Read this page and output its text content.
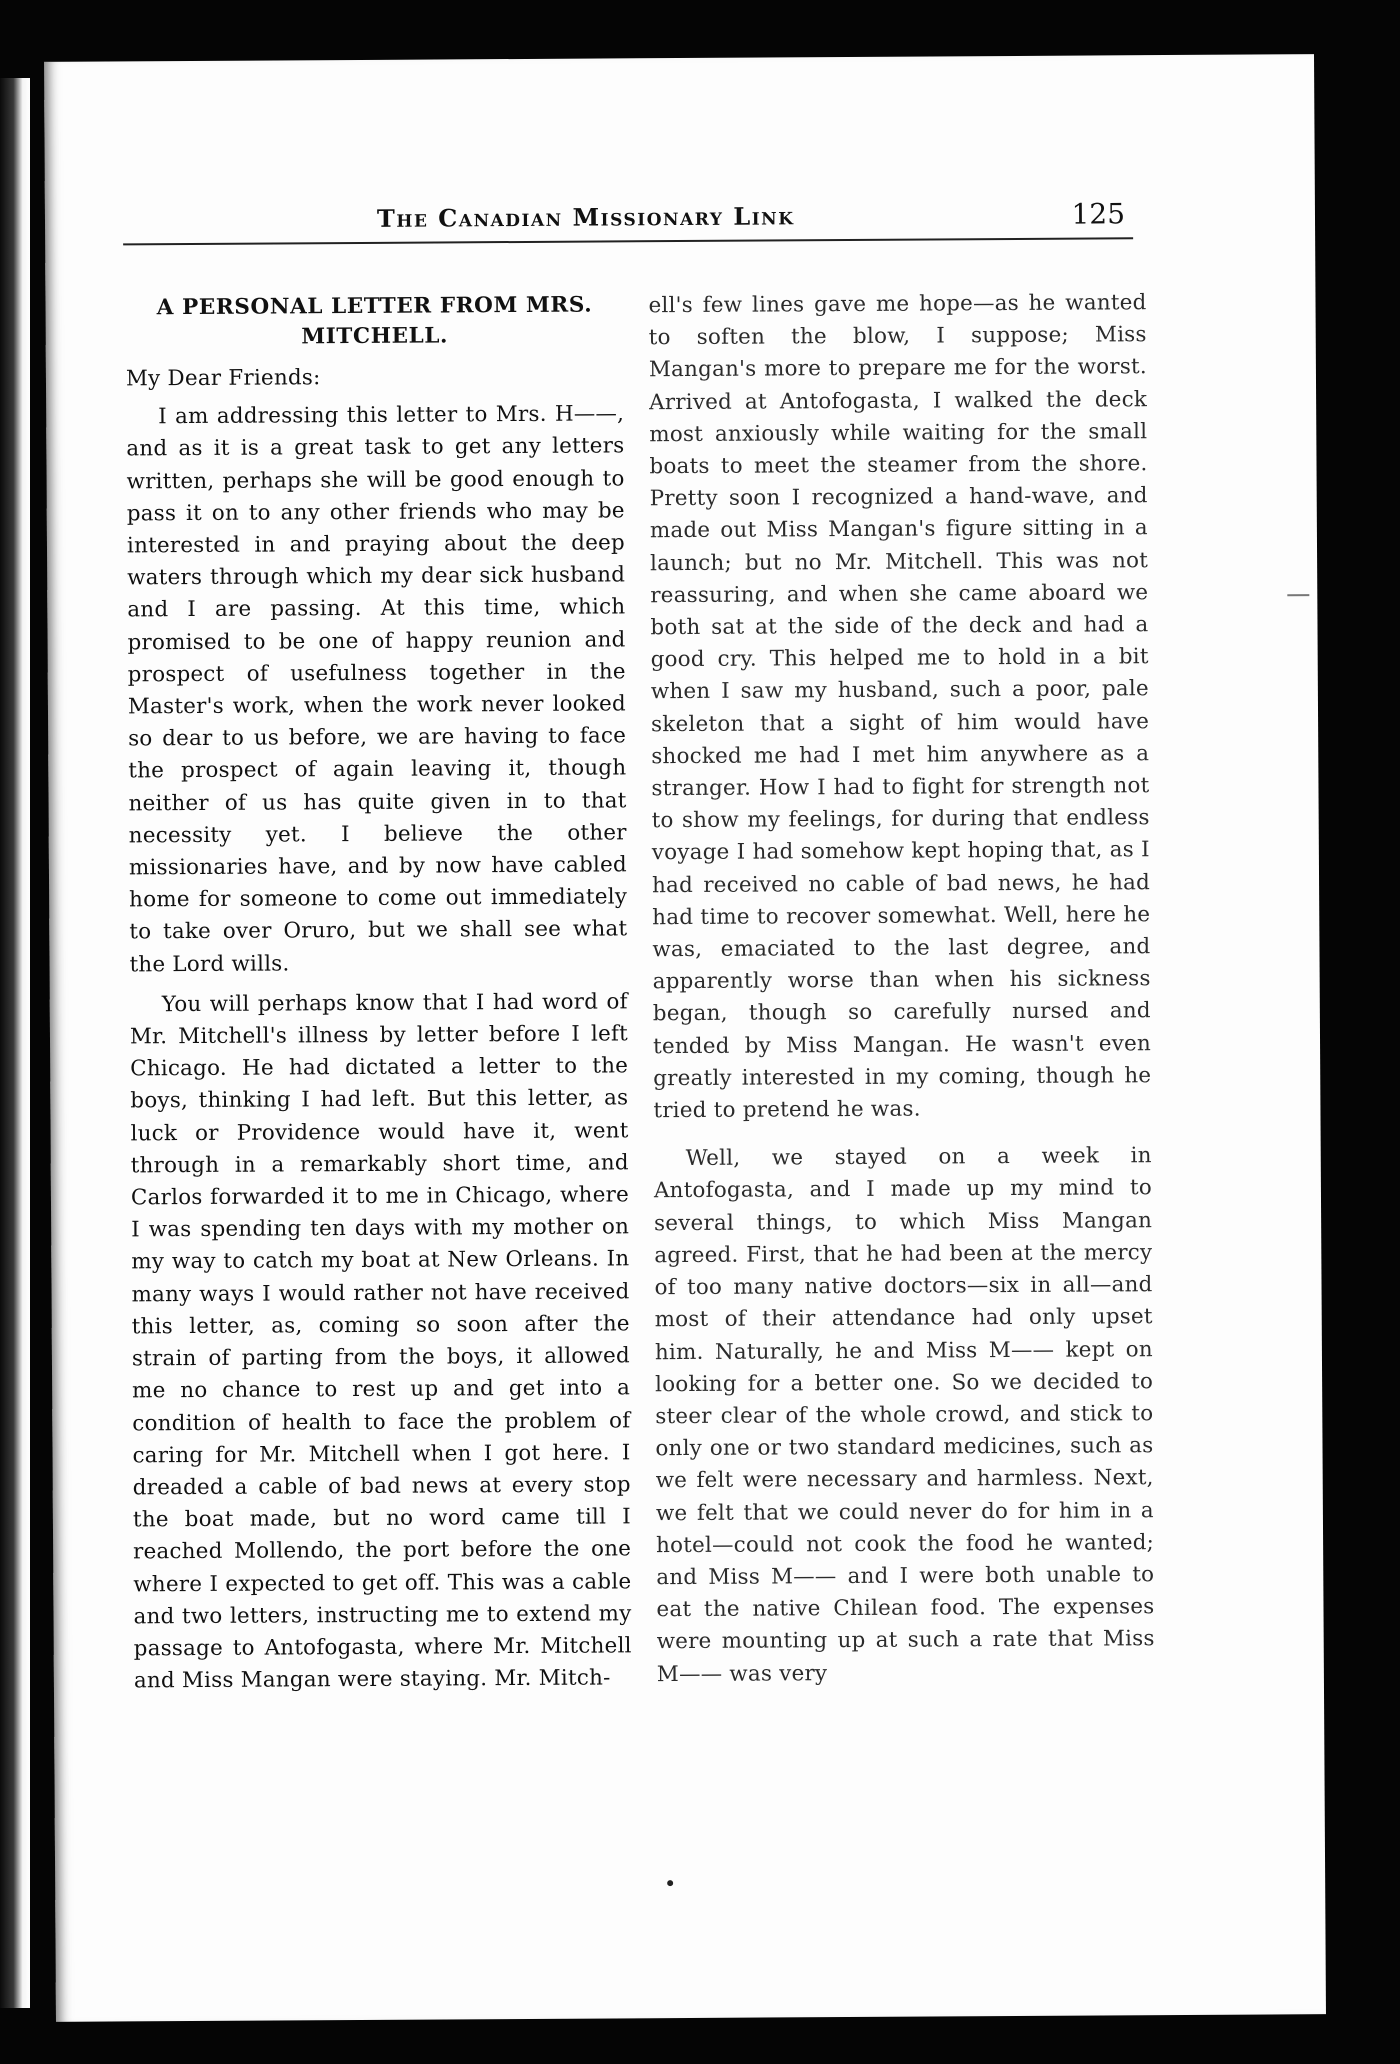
The Canadian Missionary Link	125
A PERSONAL LETTER FROM MRS. MITCHELL.

My Dear Friends:

I am addressing this letter to Mrs. H——, and as it is a great task to get any letters written, perhaps she will be good enough to pass it on to any other friends who may be interested in and praying about the deep waters through which my dear sick husband and I are passing. At this time, which promised to be one of happy reunion and prospect of usefulness together in the Master's work, when the work never looked so dear to us before, we are having to face the prospect of again leaving it, though neither of us has quite given in to that necessity yet. I believe the other missionaries have, and by now have cabled home for someone to come out immediately to take over Oruro, but we shall see what the Lord wills.

You will perhaps know that I had word of Mr. Mitchell's illness by letter before I left Chicago. He had dictated a letter to the boys, thinking I had left. But this letter, as luck or Providence would have it, went through in a remarkably short time, and Carlos forwarded it to me in Chicago, where I was spending ten days with my mother on my way to catch my boat at New Orleans. In many ways I would rather not have received this letter, as, coming so soon after the strain of parting from the boys, it allowed me no chance to rest up and get into a condition of health to face the problem of caring for Mr. Mitchell when I got here. I dreaded a cable of bad news at every stop the boat made, but no word came till I reached Mollendo, the port before the one where I expected to get off. This was a cable and two letters, instructing me to extend my passage to Antofogasta, where Mr. Mitchell and Miss Mangan were staying. Mr. Mitch-

ell's few lines gave me hope—as he wanted to soften the blow, I suppose; Miss Mangan's more to prepare me for the worst. Arrived at Antofogasta, I walked the deck most anxiously while waiting for the small boats to meet the steamer from the shore. Pretty soon I recognized a hand-wave, and made out Miss Mangan's figure sitting in a launch; but no Mr. Mitchell. This was not reassuring, and when she came aboard we both sat at the side of the deck and had a good cry. This helped me to hold in a bit when I saw my husband, such a poor, pale skeleton that a sight of him would have shocked me had I met him anywhere as a stranger. How I had to fight for strength not to show my feelings, for during that endless voyage I had somehow kept hoping that, as I had received no cable of bad news, he had had time to recover somewhat. Well, here he was, emaciated to the last degree, and apparently worse than when his sickness began, though so carefully nursed and tended by Miss Mangan. He wasn't even greatly interested in my coming, though he tried to pretend he was.

Well, we stayed on a week in Antofogasta, and I made up my mind to several things, to which Miss Mangan agreed. First, that he had been at the mercy of too many native doctors—six in all—and most of their attendance had only upset him. Naturally, he and Miss M—— kept on looking for a better one. So we decided to steer clear of the whole crowd, and stick to only one or two standard medicines, such as we felt were necessary and harmless. Next, we felt that we could never do for him in a hotel—could not cook the food he wanted; and Miss M—— and I were both unable to eat the native Chilean food. The expenses were mounting up at such a rate that Miss M—— was very
